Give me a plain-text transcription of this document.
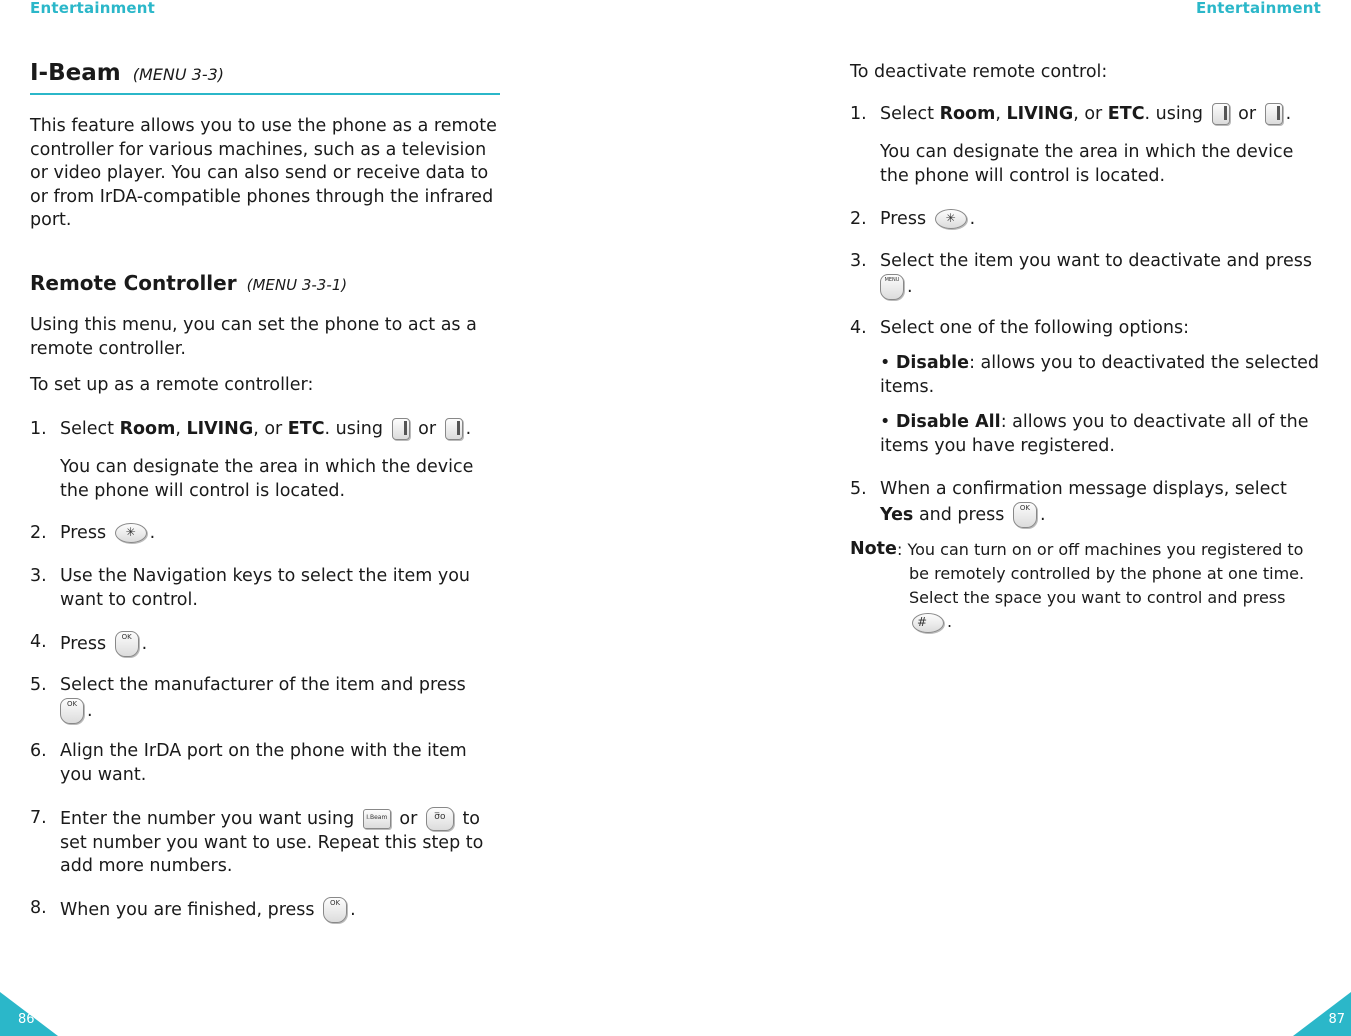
Entertainment
I-Beam (MENU 3-3)

This feature allows you to use the phone as a remote controller for various machines, such as a television or video player. You can also send or receive data to or from IrDA-compatible phones through the infrared port.

Remote Controller (MENU 3-3-1)

Using this menu, you can set the phone to act as a remote controller.

To set up as a remote controller:

1. Select Room, LIVING, or ETC. using or .

You can designate the area in which the device the phone will control is located.

2. Press ✳ .
3. Use the Navigation keys to select the item you want to control.
4. Press OK .
5. Select the manufacturer of the item and press
OK .
6. Align the IrDA port on the phone with the item you want.
7. Enter the number you want using I.Beam or σ̅o to set number you want to use. Repeat this step to add more numbers.
8. When you are finished, press OK .
86
Entertainment

To deactivate remote control:

1. Select Room, LIVING, or ETC. using or .

You can designate the area in which the device the phone will control is located.

2. Press ✳ .
3. Select the item you want to deactivate and press
MENU .
4. Select one of the following options:
• Disable: allows you to deactivated the selected items.
• Disable All: allows you to deactivate all of the items you have registered.
5. When a confirmation message displays, select Yes and press OK .
Note : You can turn on or off machines you registered to be remotely controlled by the phone at one time. Select the space you want to control and press # .
87
